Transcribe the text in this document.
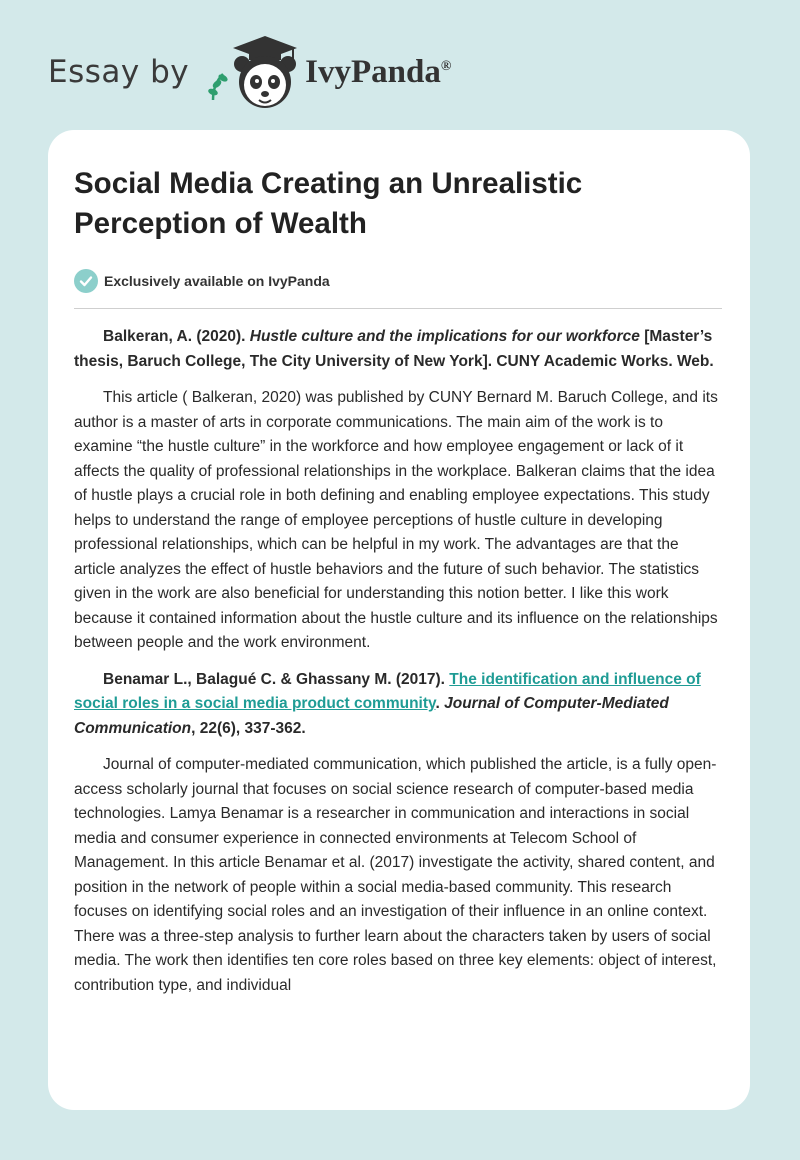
Essay by	IvyPanda®
Social Media Creating an Unrealistic Perception of Wealth
Exclusively available on IvyPanda

Balkeran, A. (2020). Hustle culture and the implications for our workforce [Master’s thesis, Baruch College, The City University of New York]. CUNY Academic Works. Web.

This article ( Balkeran, 2020) was published by CUNY Bernard M. Baruch College, and its author is a master of arts in corporate communications. The main aim of the work is to examine “the hustle culture” in the workforce and how employee engagement or lack of it affects the quality of professional relationships in the workplace. Balkeran claims that the idea of hustle plays a crucial role in both defining and enabling employee expectations. This study helps to understand the range of employee perceptions of hustle culture in developing professional relationships, which can be helpful in my work. The advantages are that the article analyzes the effect of hustle behaviors and the future of such behavior. The statistics given in the work are also beneficial for understanding this notion better. I like this work because it contained information about the hustle culture and its influence on the relationships between people and the work environment.

Benamar L., Balagué C. & Ghassany M. (2017). The identification and influence of social roles in a social media product community. Journal of Computer-Mediated Communication, 22(6), 337-362.

Journal of computer-mediated communication, which published the article, is a fully open-access scholarly journal that focuses on social science research of computer-based media technologies. Lamya Benamar is a researcher in communication and interactions in social media and consumer experience in connected environments at Telecom School of Management. In this article Benamar et al. (2017) investigate the activity, shared content, and position in the network of people within a social media-based community. This research focuses on identifying social roles and an investigation of their influence in an online context. There was a three-step analysis to further learn about the characters taken by users of social media. The work then identifies ten core roles based on three key elements: object of interest, contribution type, and individual
